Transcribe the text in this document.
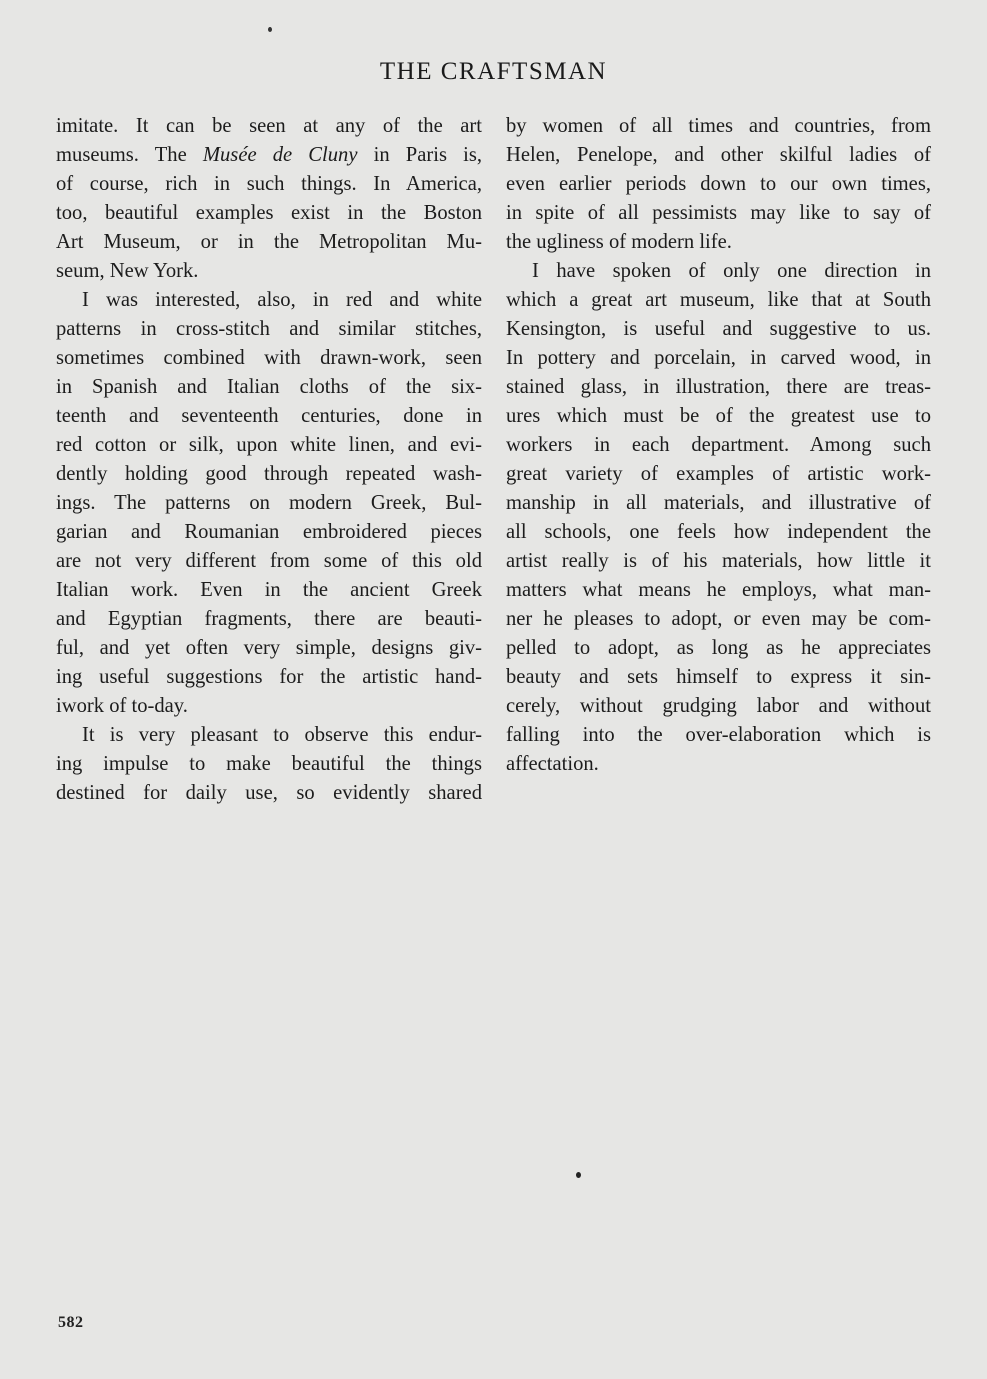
THE CRAFTSMAN
imitate. It can be seen at any of the art
museums. The Musée de Cluny in Paris is,
of course, rich in such things. In America,
too, beautiful examples exist in the Boston
Art Museum, or in the Metropolitan Mu-
seum, New York.
I was interested, also, in red and white
patterns in cross-stitch and similar stitches,
sometimes combined with drawn-work, seen
in Spanish and Italian cloths of the six-
teenth and seventeenth centuries, done in
red cotton or silk, upon white linen, and evi-
dently holding good through repeated wash-
ings. The patterns on modern Greek, Bul-
garian and Roumanian embroidered pieces
are not very different from some of this old
Italian work. Even in the ancient Greek
and Egyptian fragments, there are beauti-
ful, and yet often very simple, designs giv-
ing useful suggestions for the artistic hand-
iwork of to-day.
It is very pleasant to observe this endur-
ing impulse to make beautiful the things
destined for daily use, so evidently shared
by women of all times and countries, from
Helen, Penelope, and other skilful ladies of
even earlier periods down to our own times,
in spite of all pessimists may like to say of
the ugliness of modern life.
I have spoken of only one direction in
which a great art museum, like that at South
Kensington, is useful and suggestive to us.
In pottery and porcelain, in carved wood, in
stained glass, in illustration, there are treas-
ures which must be of the greatest use to
workers in each department. Among such
great variety of examples of artistic work-
manship in all materials, and illustrative of
all schools, one feels how independent the
artist really is of his materials, how little it
matters what means he employs, what man-
ner he pleases to adopt, or even may be com-
pelled to adopt, as long as he appreciates
beauty and sets himself to express it sin-
cerely, without grudging labor and without
falling into the over-elaboration which is
affectation.
582
